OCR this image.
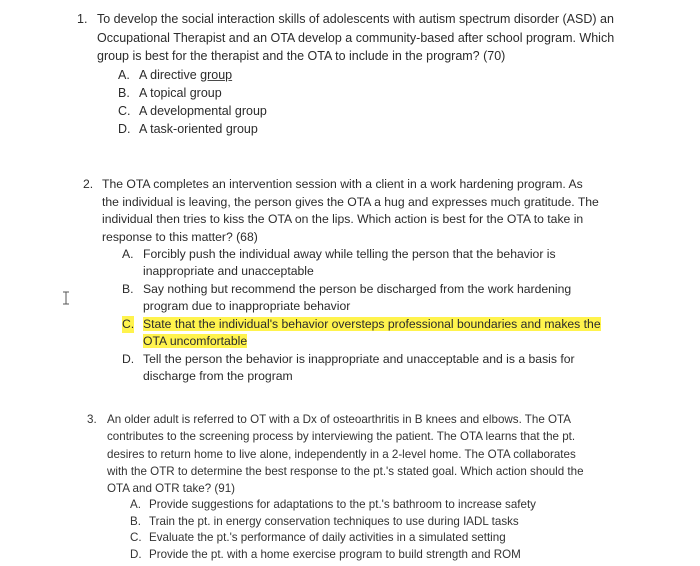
1. To develop the social interaction skills of adolescents with autism spectrum disorder (ASD) an Occupational Therapist and an OTA develop a community-based after school program. Which group is best for the therapist and the OTA to include in the program? (70)

A. A directive group
B. A topical group
C. A developmental group
D. A task-oriented group
2. The OTA completes an intervention session with a client in a work hardening program. As the individual is leaving, the person gives the OTA a hug and expresses much gratitude. The individual then tries to kiss the OTA on the lips. Which action is best for the OTA to take in response to this matter? (68)

A. Forcibly push the individual away while telling the person that the behavior is inappropriate and unacceptable
B. Say nothing but recommend the person be discharged from the work hardening program due to inappropriate behavior
C. State that the individual's behavior oversteps professional boundaries and makes the
OTA uncomfortable
D. Tell the person the behavior is inappropriate and unacceptable and is a basis for discharge from the program
3. An older adult is referred to OT with a Dx of osteoarthritis in B knees and elbows. The OTA contributes to the screening process by interviewing the patient. The OTA learns that the pt. desires to return home to live alone, independently in a 2-level home. The OTA collaborates with the OTR to determine the best response to the pt.'s stated goal. Which action should the OTA and OTR take? (91)

A. Provide suggestions for adaptations to the pt.'s bathroom to increase safety
B. Train the pt. in energy conservation techniques to use during IADL tasks
C. Evaluate the pt.'s performance of daily activities in a simulated setting
D. Provide the pt. with a home exercise program to build strength and ROM
